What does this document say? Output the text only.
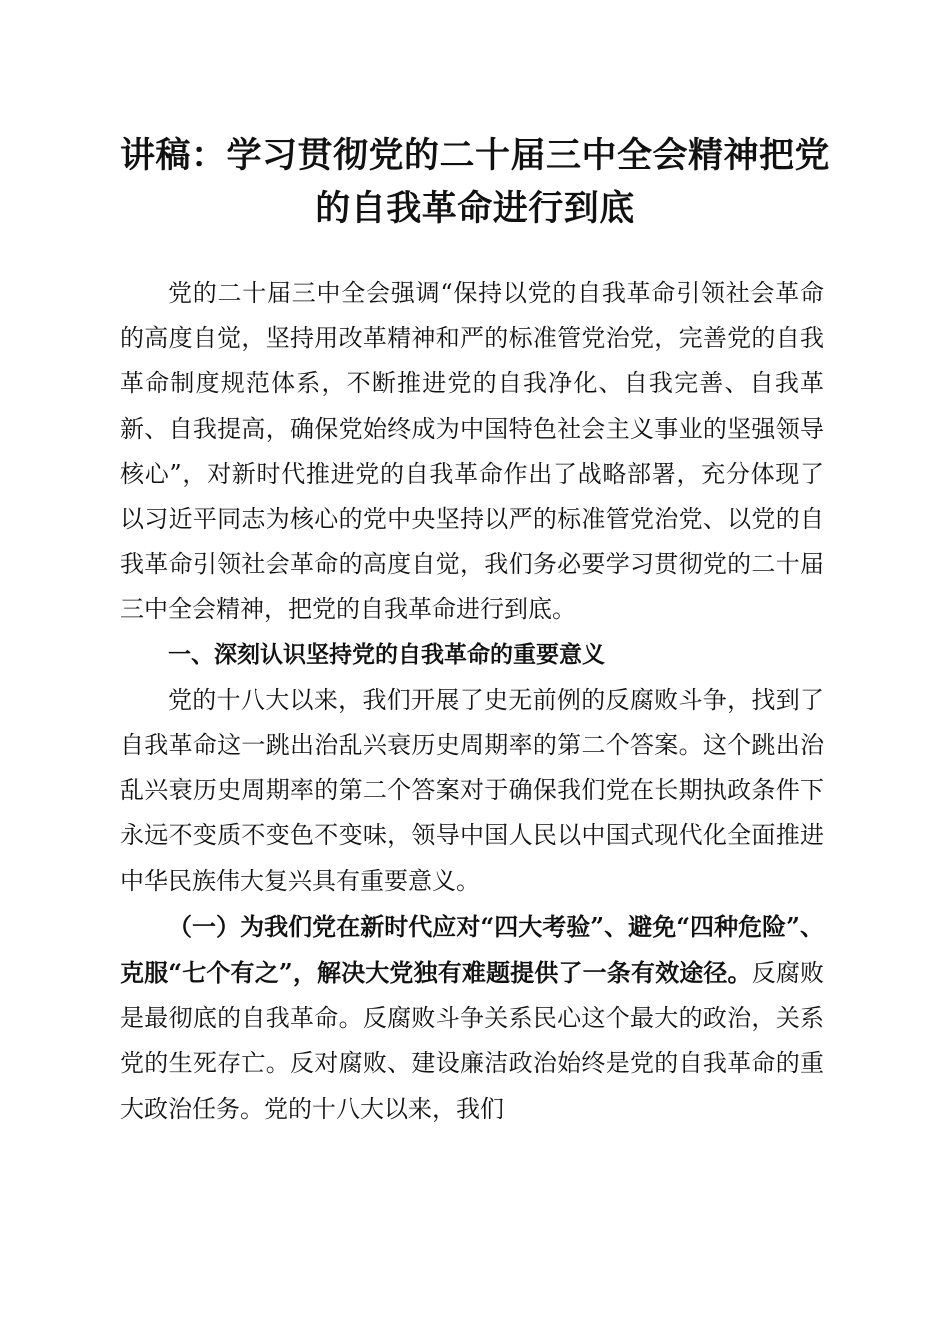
讲稿：学习贯彻党的二十届三中全会精神把党
的自我革命进行到底

党的二十届三中全会强调“保持以党的自我革命引领社会革命的高度自觉，坚持用改革精神和严的标准管党治党，完善党的自我革命制度规范体系，不断推进党的自我净化、自我完善、自我革新、自我提高，确保党始终成为中国特色社会主义事业的坚强领导核心”，对新时代推进党的自我革命作出了战略部署，充分体现了以习近平同志为核心的党中央坚持以严的标准管党治党、以党的自我革命引领社会革命的高度自觉，我们务必要学习贯彻党的二十届三中全会精神，把党的自我革命进行到底。

一、深刻认识坚持党的自我革命的重要意义

党的十八大以来，我们开展了史无前例的反腐败斗争，找到了自我革命这一跳出治乱兴衰历史周期率的第二个答案。这个跳出治乱兴衰历史周期率的第二个答案对于确保我们党在长期执政条件下永远不变质不变色不变味，领导中国人民以中国式现代化全面推进中华民族伟大复兴具有重要意义。

（一）为我们党在新时代应对“四大考验”、避免“四种危险”、克服“七个有之”，解决大党独有难题提供了一条有效途径。反腐败是最彻底的自我革命。反腐败斗争关系民心这个最大的政治，关系党的生死存亡。反对腐败、建设廉洁政治始终是党的自我革命的重大政治任务。党的十八大以来，我们
